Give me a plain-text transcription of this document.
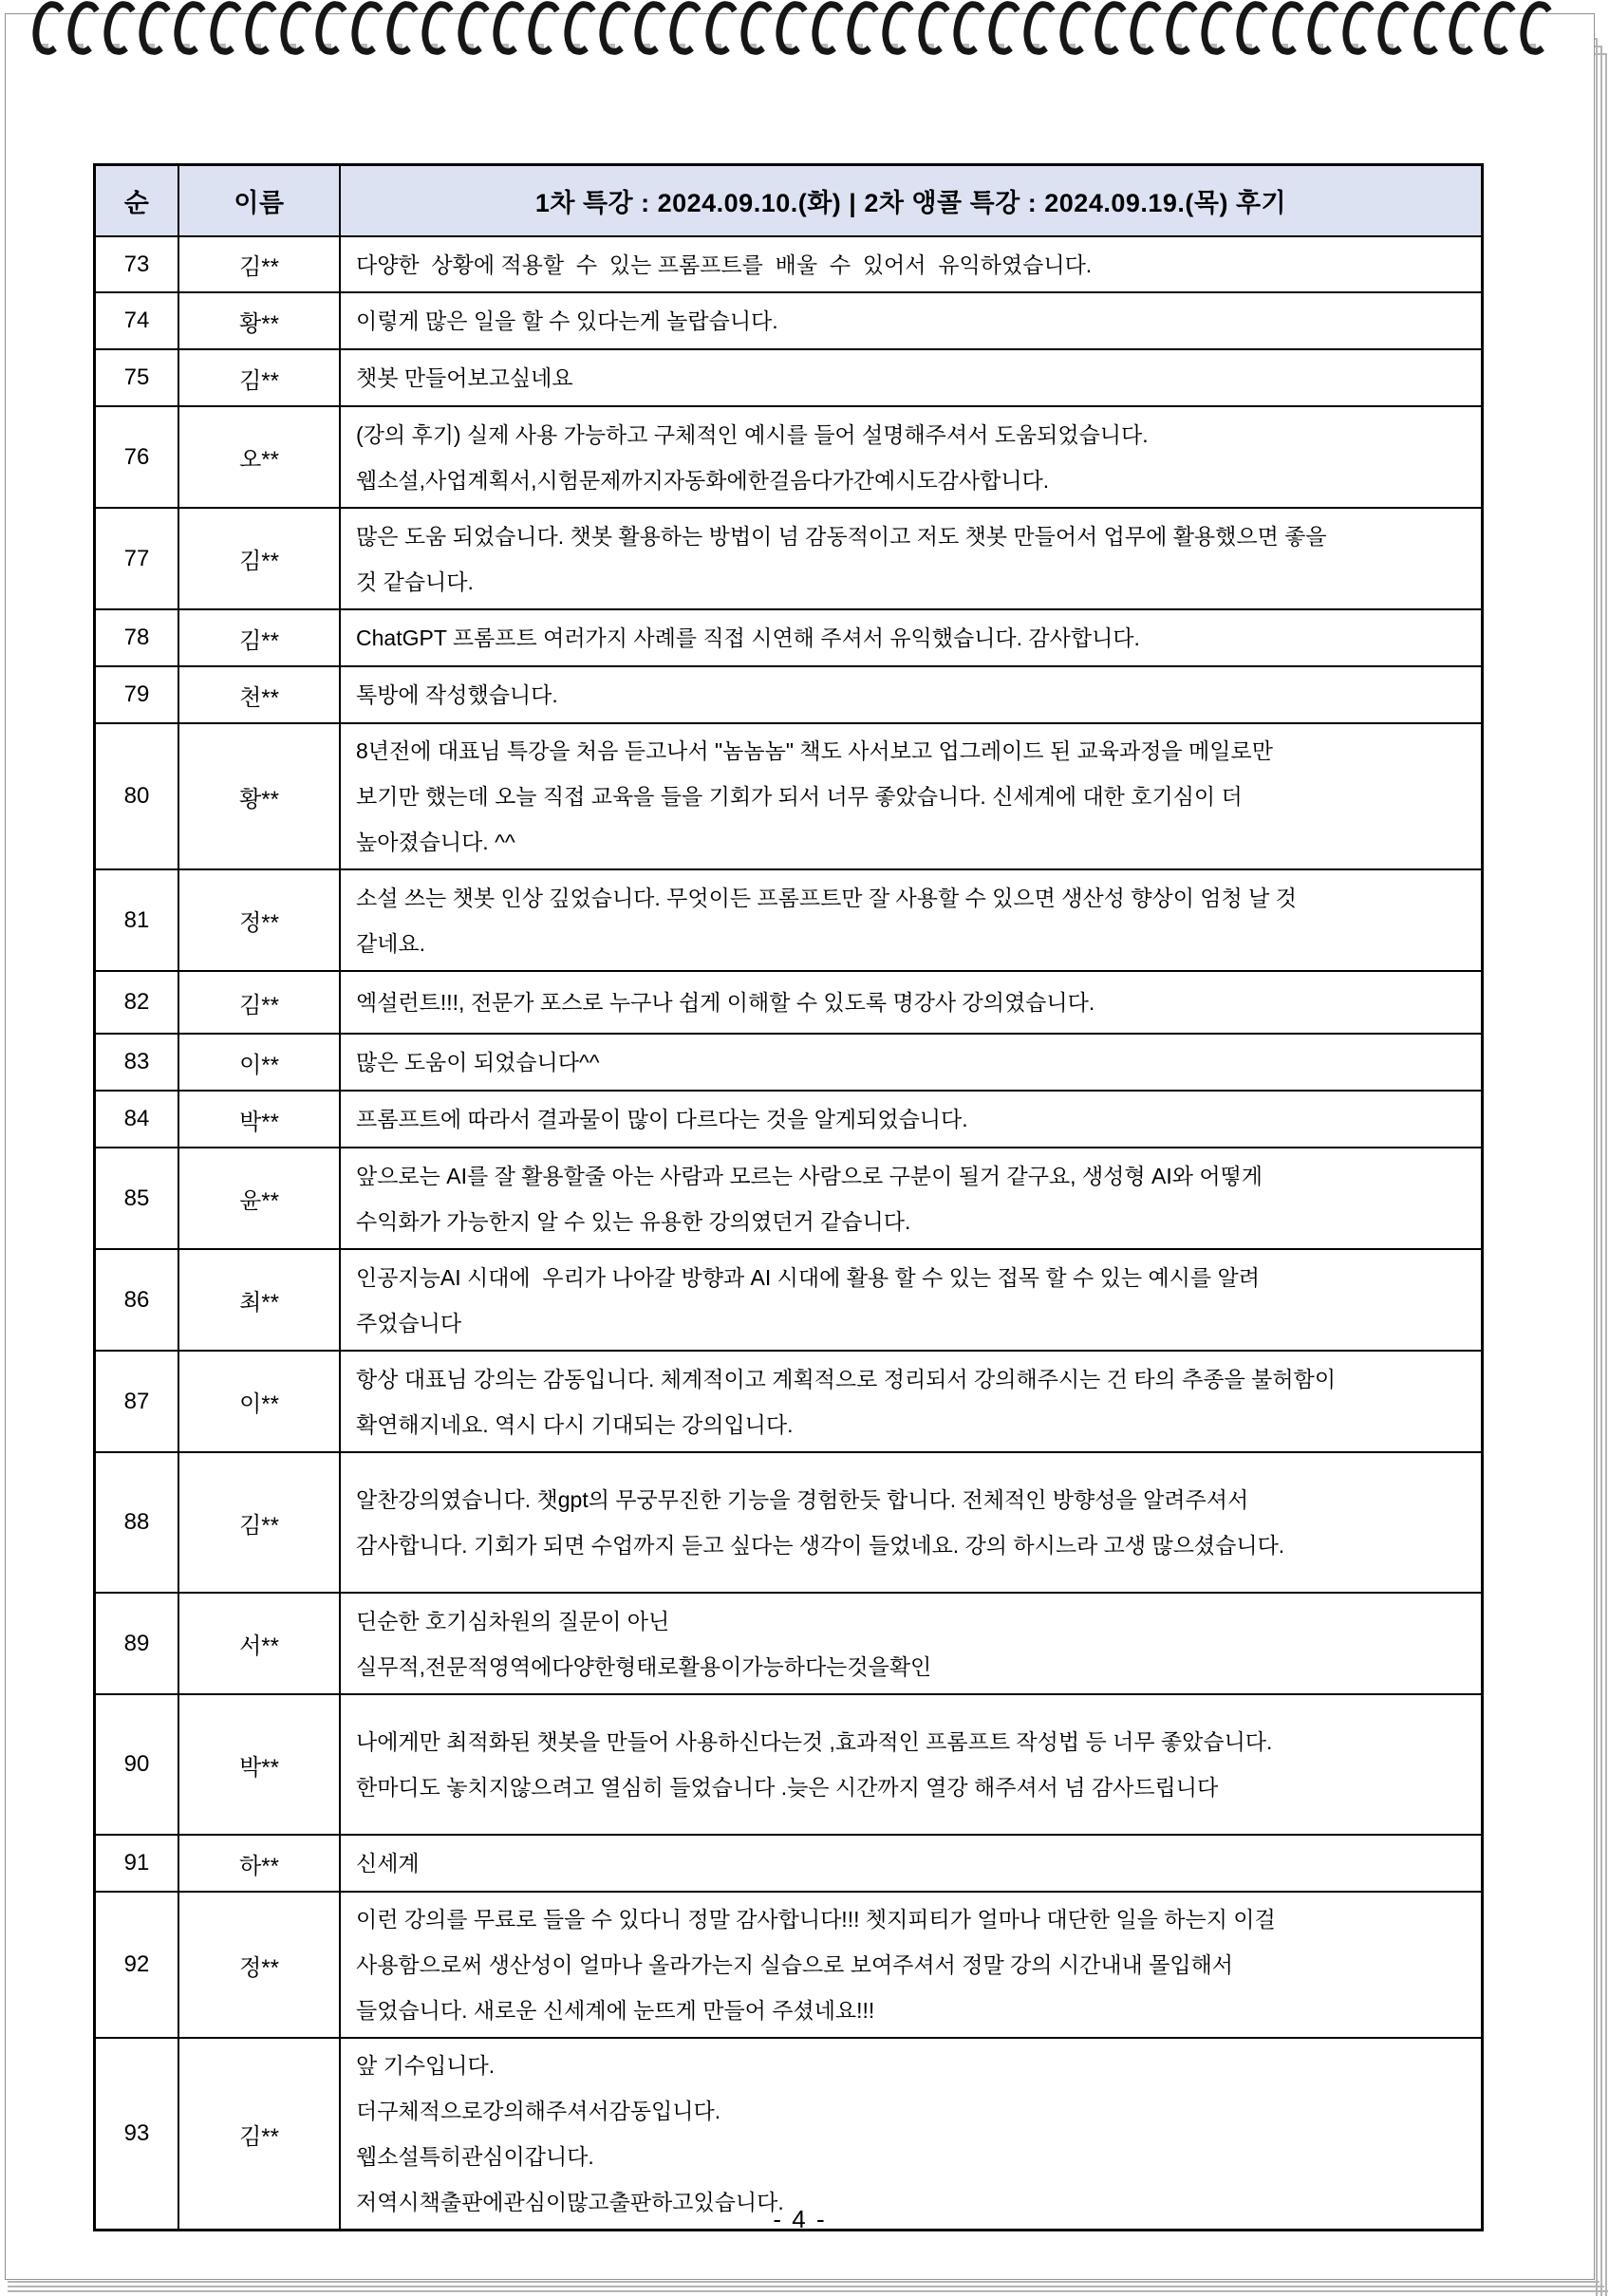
순	이름	1차 특강 : 2024.09.10.(화) | 2차 앵콜 특강 : 2024.09.19.(목) 후기
73	김**	다양한  상황에 적용할  수  있는 프롬프트를  배울  수  있어서  유익하였습니다.
74	황**	이렇게 많은 일을 할 수 있다는게 놀랍습니다.
75	김**	챗봇 만들어보고싶네요
76	오**
(강의 후기) 실제 사용 가능하고 구체적인 예시를 들어 설명해주셔서 도움되었습니다.
웹소설,사업계획서,시험문제까지자동화에한걸음다가간예시도감사합니다.
77	김**
많은 도움 되었습니다. 챗봇 활용하는 방법이 넘 감동적이고 저도 챗봇 만들어서 업무에 활용했으면 좋을
것 같습니다.
78	김**	ChatGPT 프롬프트 여러가지 사례를 직접 시연해 주셔서 유익했습니다. 감사합니다.
79	천**	톡방에 작성했습니다.
80	황**
8년전에 대표님 특강을 처음 듣고나서 "놈놈놈" 책도 사서보고 업그레이드 된 교육과정을 메일로만
보기만 했는데 오늘 직접 교육을 들을 기회가 되서 너무 좋았습니다. 신세계에 대한 호기심이 더
높아졌습니다. ^^
81	정**
소설 쓰는 챗봇 인상 깊었습니다. 무엇이든 프롬프트만 잘 사용할 수 있으면 생산성 향상이 엄청 날 것
같네요.
82	김**	엑설런트!!!, 전문가 포스로 누구나 쉽게 이해할 수 있도록 명강사 강의였습니다.
83	이**	많은 도움이 되었습니다^^
84	박**	프롬프트에 따라서 결과물이 많이 다르다는 것을 알게되었습니다.
85	윤**
앞으로는 AI를 잘 활용할줄 아는 사람과 모르는 사람으로 구분이 될거 같구요, 생성형 AI와 어떻게
수익화가 가능한지 알 수 있는 유용한 강의였던거 같습니다.
86	최**
인공지능AI 시대에  우리가 나아갈 방향과 AI 시대에 활용 할 수 있는 접목 할 수 있는 예시를 알려
주었습니다
87	이**
항상 대표님 강의는 감동입니다. 체계적이고 계획적으로 정리되서 강의해주시는 건 타의 추종을 불허함이
확연해지네요. 역시 다시 기대되는 강의입니다.
88	김**
알찬강의였습니다. 챗gpt의 무궁무진한 기능을 경험한듯 합니다. 전체적인 방향성을 알려주셔서
감사합니다. 기회가 되면 수업까지 듣고 싶다는 생각이 들었네요. 강의 하시느라 고생 많으셨습니다.
89	서**
딘순한 호기심차원의 질문이 아닌
실무적,전문적영역에다양한형태로활용이가능하다는것을확인
90	박**
나에게만 최적화된 챗봇을 만들어 사용하신다는것 ,효과적인 프롬프트 작성법 등 너무 좋았습니다.
한마디도 놓치지않으려고 열심히 들었습니다 .늦은 시간까지 열강 해주셔서 넘 감사드립니다
91	하**	신세계
92	정**
이런 강의를 무료로 들을 수 있다니 정말 감사합니다!!! 쳇지피티가 얼마나 대단한 일을 하는지 이걸
사용함으로써 생산성이 얼마나 올라가는지 실습으로 보여주셔서 정말 강의 시간내내 몰입해서
들었습니다. 새로운 신세계에 눈뜨게 만들어 주셨네요!!!
93	김**
앞 기수입니다.
더구체적으로강의해주셔서감동입니다.
웹소설특히관심이갑니다.
저역시책출판에관심이많고출판하고있습니다.
- 4 -
